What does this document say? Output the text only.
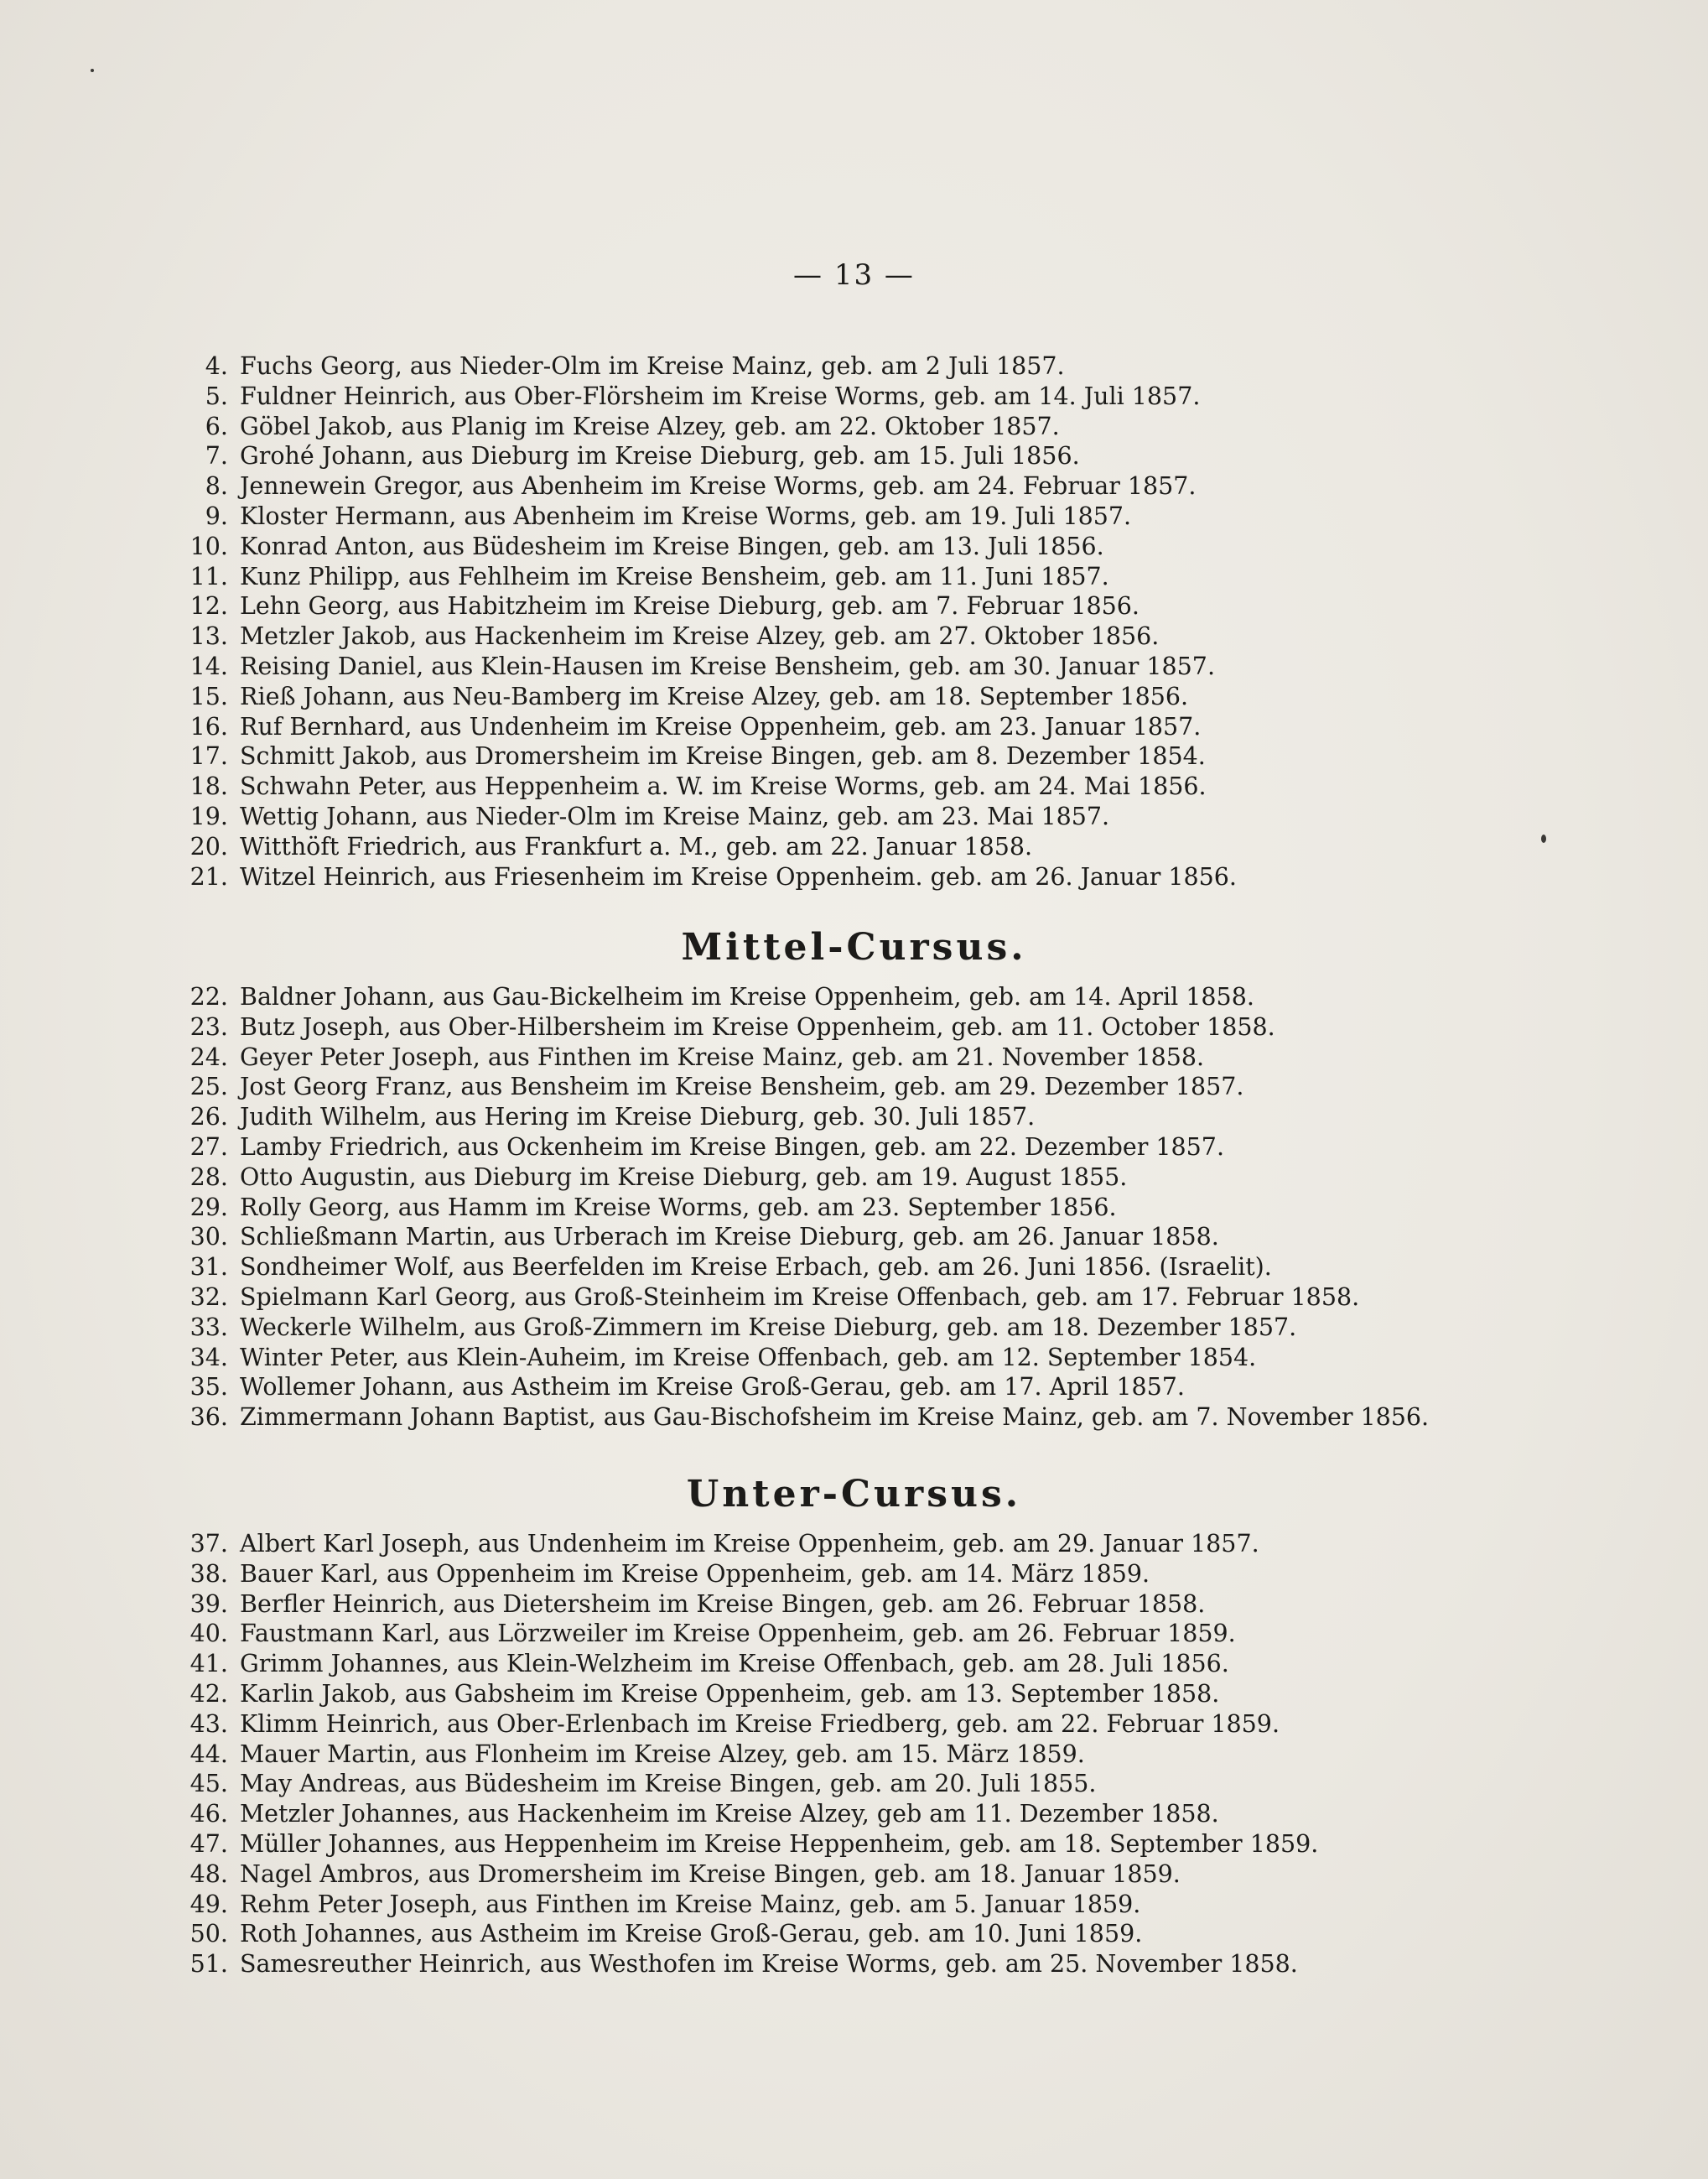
— 13 —
4. Fuchs Georg, aus Nieder-Olm im Kreise Mainz, geb. am 2 Juli 1857.
5. Fuldner Heinrich, aus Ober-Flörsheim im Kreise Worms, geb. am 14. Juli 1857.
6. Göbel Jakob, aus Planig im Kreise Alzey, geb. am 22. Oktober 1857.
7. Grohé Johann, aus Dieburg im Kreise Dieburg, geb. am 15. Juli 1856.
8. Jennewein Gregor, aus Abenheim im Kreise Worms, geb. am 24. Februar 1857.
9. Kloster Hermann, aus Abenheim im Kreise Worms, geb. am 19. Juli 1857.
10. Konrad Anton, aus Büdesheim im Kreise Bingen, geb. am 13. Juli 1856.
11. Kunz Philipp, aus Fehlheim im Kreise Bensheim, geb. am 11. Juni 1857.
12. Lehn Georg, aus Habitzheim im Kreise Dieburg, geb. am 7. Februar 1856.
13. Metzler Jakob, aus Hackenheim im Kreise Alzey, geb. am 27. Oktober 1856.
14. Reising Daniel, aus Klein-Hausen im Kreise Bensheim, geb. am 30. Januar 1857.
15. Rieß Johann, aus Neu-Bamberg im Kreise Alzey, geb. am 18. September 1856.
16. Ruf Bernhard, aus Undenheim im Kreise Oppenheim, geb. am 23. Januar 1857.
17. Schmitt Jakob, aus Dromersheim im Kreise Bingen, geb. am 8. Dezember 1854.
18. Schwahn Peter, aus Heppenheim a. W. im Kreise Worms, geb. am 24. Mai 1856.
19. Wettig Johann, aus Nieder-Olm im Kreise Mainz, geb. am 23. Mai 1857.
20. Witthöft Friedrich, aus Frankfurt a. M., geb. am 22. Januar 1858.
21. Witzel Heinrich, aus Friesenheim im Kreise Oppenheim. geb. am 26. Januar 1856.
Mittel-Cursus.
22. Baldner Johann, aus Gau-Bickelheim im Kreise Oppenheim, geb. am 14. April 1858.
23. Butz Joseph, aus Ober-Hilbersheim im Kreise Oppenheim, geb. am 11. October 1858.
24. Geyer Peter Joseph, aus Finthen im Kreise Mainz, geb. am 21. November 1858.
25. Jost Georg Franz, aus Bensheim im Kreise Bensheim, geb. am 29. Dezember 1857.
26. Judith Wilhelm, aus Hering im Kreise Dieburg, geb. 30. Juli 1857.
27. Lamby Friedrich, aus Ockenheim im Kreise Bingen, geb. am 22. Dezember 1857.
28. Otto Augustin, aus Dieburg im Kreise Dieburg, geb. am 19. August 1855.
29. Rolly Georg, aus Hamm im Kreise Worms, geb. am 23. September 1856.
30. Schließmann Martin, aus Urberach im Kreise Dieburg, geb. am 26. Januar 1858.
31. Sondheimer Wolf, aus Beerfelden im Kreise Erbach, geb. am 26. Juni 1856. (Israelit).
32. Spielmann Karl Georg, aus Groß-Steinheim im Kreise Offenbach, geb. am 17. Februar 1858.
33. Weckerle Wilhelm, aus Groß-Zimmern im Kreise Dieburg, geb. am 18. Dezember 1857.
34. Winter Peter, aus Klein-Auheim, im Kreise Offenbach, geb. am 12. September 1854.
35. Wollemer Johann, aus Astheim im Kreise Groß-Gerau, geb. am 17. April 1857.
36. Zimmermann Johann Baptist, aus Gau-Bischofsheim im Kreise Mainz, geb. am 7. November 1856.
Unter-Cursus.
37. Albert Karl Joseph, aus Undenheim im Kreise Oppenheim, geb. am 29. Januar 1857.
38. Bauer Karl, aus Oppenheim im Kreise Oppenheim, geb. am 14. März 1859.
39. Berfler Heinrich, aus Dietersheim im Kreise Bingen, geb. am 26. Februar 1858.
40. Faustmann Karl, aus Lörzweiler im Kreise Oppenheim, geb. am 26. Februar 1859.
41. Grimm Johannes, aus Klein-Welzheim im Kreise Offenbach, geb. am 28. Juli 1856.
42. Karlin Jakob, aus Gabsheim im Kreise Oppenheim, geb. am 13. September 1858.
43. Klimm Heinrich, aus Ober-Erlenbach im Kreise Friedberg, geb. am 22. Februar 1859.
44. Mauer Martin, aus Flonheim im Kreise Alzey, geb. am 15. März 1859.
45. May Andreas, aus Büdesheim im Kreise Bingen, geb. am 20. Juli 1855.
46. Metzler Johannes, aus Hackenheim im Kreise Alzey, geb am 11. Dezember 1858.
47. Müller Johannes, aus Heppenheim im Kreise Heppenheim, geb. am 18. September 1859.
48. Nagel Ambros, aus Dromersheim im Kreise Bingen, geb. am 18. Januar 1859.
49. Rehm Peter Joseph, aus Finthen im Kreise Mainz, geb. am 5. Januar 1859.
50. Roth Johannes, aus Astheim im Kreise Groß-Gerau, geb. am 10. Juni 1859.
51. Samesreuther Heinrich, aus Westhofen im Kreise Worms, geb. am 25. November 1858.
